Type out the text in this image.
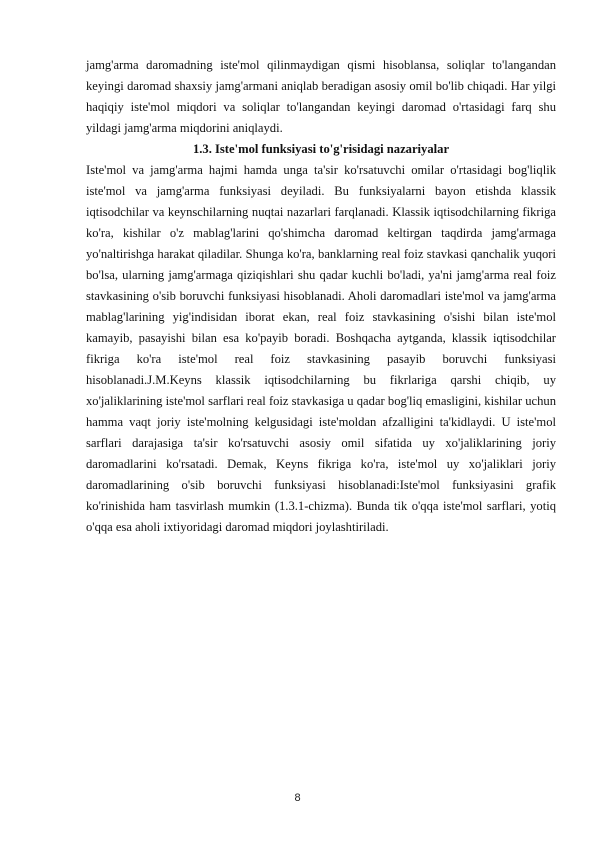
jamg'arma daromadning iste'mol qilinmaydigan qismi hisoblansa, soliqlar to'langandan keyingi daromad shaxsiy jamg'armani aniqlab beradigan asosiy omil bo'lib chiqadi. Har yilgi haqiqiy iste'mol miqdori va soliqlar to'langandan keyingi daromad o'rtasidagi farq shu yildagi jamg'arma miqdorini aniqlaydi.

1.3. Iste'mol funksiyasi to'g'risidagi nazariyalar

Iste'mol va jamg'arma hajmi hamda unga ta'sir ko'rsatuvchi omilar o'rtasidagi bog'liqlik iste'mol va jamg'arma funksiyasi deyiladi. Bu funksiyalarni bayon etishda klassik iqtisodchilar va keynschilarning nuqtai nazarlari farqlanadi. Klassik iqtisodchilarning fikriga ko'ra, kishilar o'z mablag'larini qo'shimcha daromad keltirgan taqdirda jamg'armaga yo'naltirishga harakat qiladilar. Shunga ko'ra, banklarning real foiz stavkasi qanchalik yuqori bo'lsa, ularning jamg'armaga qiziqishlari shu qadar kuchli bo'ladi, ya'ni jamg'arma real foiz stavkasining o'sib boruvchi funksiyasi hisoblanadi. Aholi daromadlari iste'mol va jamg'arma mablag'larining yig'indisidan iborat ekan, real foiz stavkasining o'sishi bilan iste'mol kamayib, pasayishi bilan esa ko'payib boradi. Boshqacha aytganda, klassik iqtisodchilar fikriga ko'ra iste'mol real foiz stavkasining pasayib boruvchi funksiyasi hisoblanadi.J.M.Keyns klassik iqtisodchilarning bu fikrlariga qarshi chiqib, uy xo'jaliklarining iste'mol sarflari real foiz stavkasiga u qadar bog'liq emasligini, kishilar uchun hamma vaqt joriy iste'molning kelgusidagi iste'moldan afzalligini ta'kidlaydi. U iste'mol sarflari darajasiga ta'sir ko'rsatuvchi asosiy omil sifatida uy xo'jaliklarining joriy daromadlarini ko'rsatadi. Demak, Keyns fikriga ko'ra, iste'mol uy xo'jaliklari joriy daromadlarining o'sib boruvchi funksiyasi hisoblanadi:Iste'mol funksiyasini grafik ko'rinishida ham tasvirlash mumkin (1.3.1-chizma). Bunda tik o'qqa iste'mol sarflari, yotiq o'qqa esa aholi ixtiyoridagi daromad miqdori joylashtiriladi.

8
